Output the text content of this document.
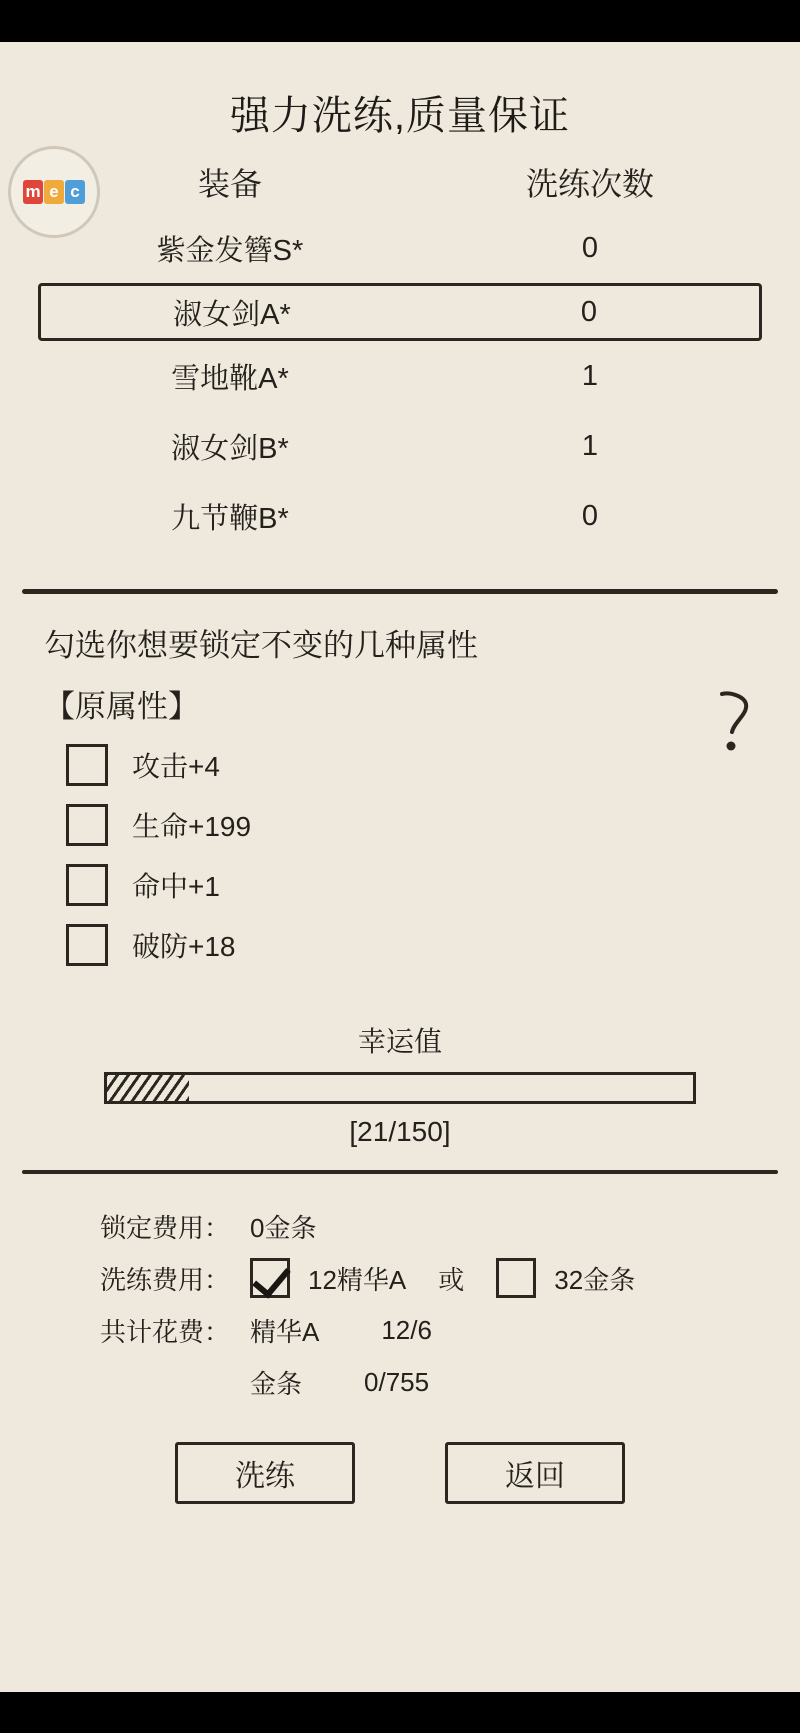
强力洗练,质量保证
m e c	装备	洗练次数
紫金发簪S*	0
淑女剑A*	0
雪地靴A*	1
淑女剑B*	1
九节鞭B*	0
勾选你想要锁定不变的几种属性
【原属性】
攻击+4
生命+199
命中+1
破防+18
幸运值
[21/150]
锁定费用： 0金条
洗练费用：	12精华A 或	32金条
共计花费： 精华A 12/6
金条 0/755
洗练	返回
